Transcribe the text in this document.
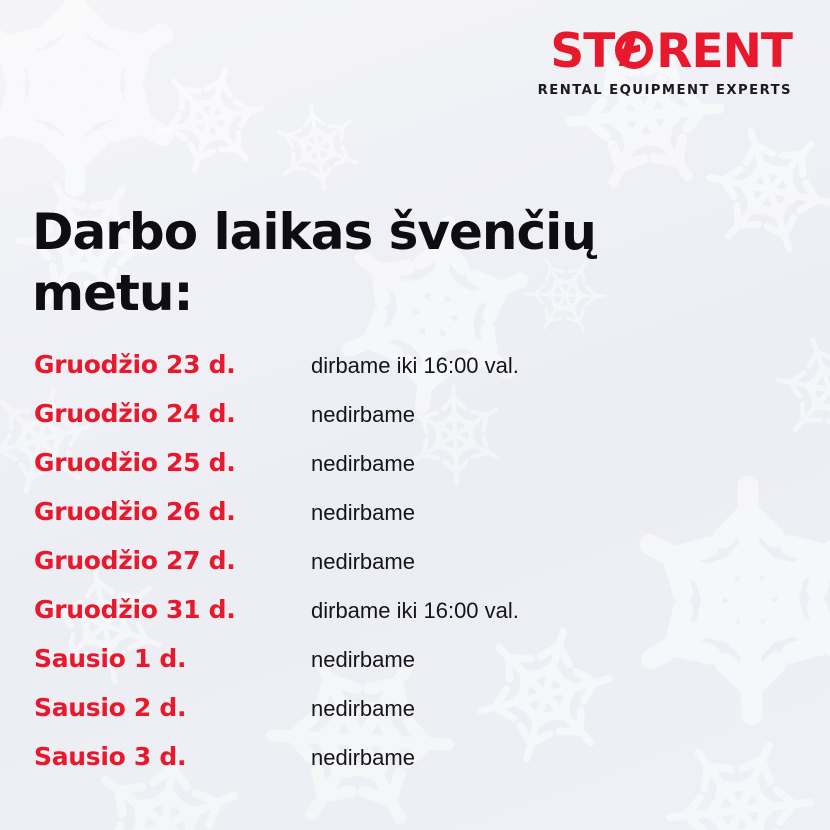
ST RENT
RENTAL EQUIPMENT EXPERTS
Darbo laikas švenčių metu:
Gruodžio 23 d.	dirbame iki 16:00 val.
Gruodžio 24 d.	nedirbame
Gruodžio 25 d.	nedirbame
Gruodžio 26 d.	nedirbame
Gruodžio 27 d.	nedirbame
Gruodžio 31 d.	dirbame iki 16:00 val.
Sausio 1 d.	nedirbame
Sausio 2 d.	nedirbame
Sausio 3 d.	nedirbame
